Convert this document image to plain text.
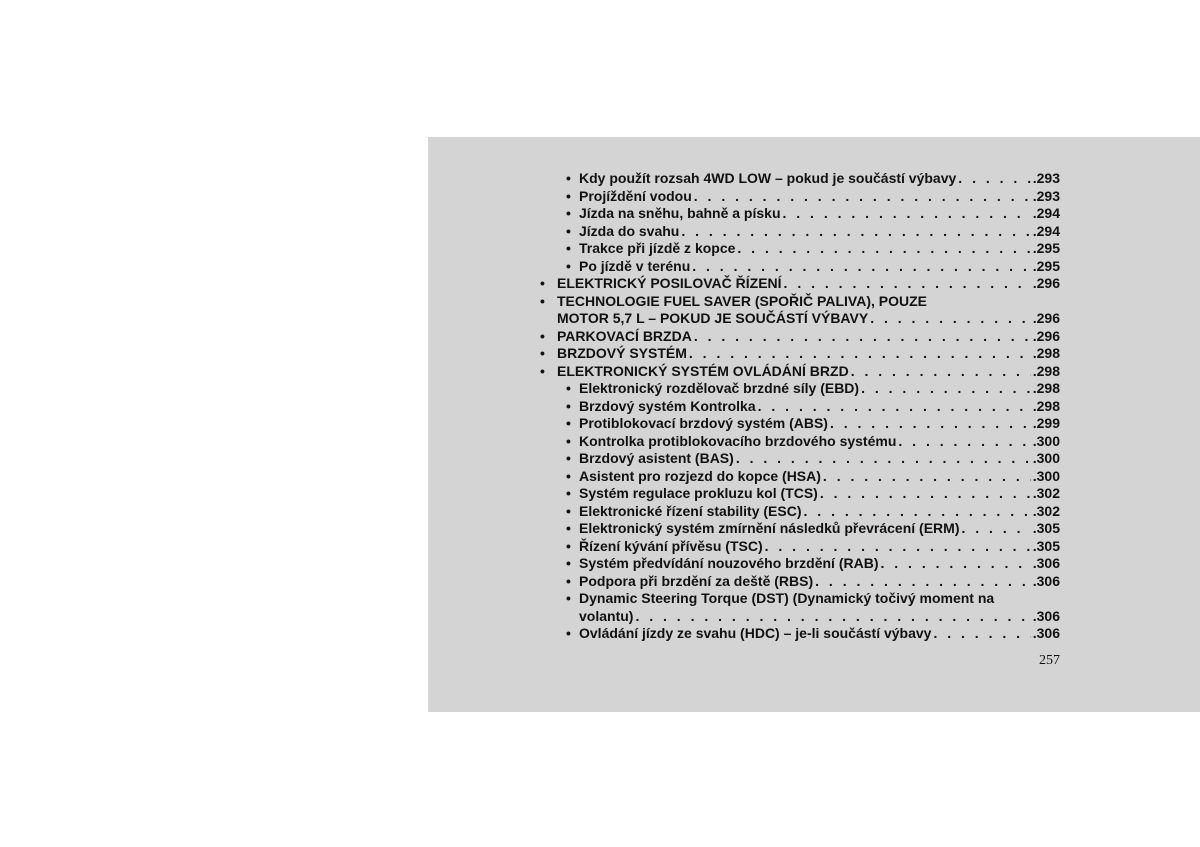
• Kdy použít rozsah 4WD LOW – pokud je součástí výbavy . . .	.293
• Projíždění vodou . . .	.293
• Jízda na sněhu, bahně a písku . . .	.294
• Jízda do svahu . . .	.294
• Trakce při jízdě z kopce . . .	.295
• Po jízdě v terénu . . .	.295
• ELEKTRICKÝ POSILOVAČ ŘÍZENÍ . . .	.296
• TECHNOLOGIE FUEL SAVER (SPOŘIČ PALIVA), POUZE
MOTOR 5,7 L – POKUD JE SOUČÁSTÍ VÝBAVY . . .	.296
• PARKOVACÍ BRZDA . . .	.296
• BRZDOVÝ SYSTÉM . . .	.298
• ELEKTRONICKÝ SYSTÉM OVLÁDÁNÍ BRZD . . .	.298
• Elektronický rozdělovač brzdné síly (EBD) . . .	.298
• Brzdový systém Kontrolka . . .	.298
• Protiblokovací brzdový systém (ABS) . . .	.299
• Kontrolka protiblokovacího brzdového systému . . .	.300
• Brzdový asistent (BAS) . . .	.300
• Asistent pro rozjezd do kopce (HSA) . . .	.300
• Systém regulace prokluzu kol (TCS) . . .	.302
• Elektronické řízení stability (ESC) . . .	.302
• Elektronický systém zmírnění následků převrácení (ERM) . . .	.305
• Řízení kývání přívěsu (TSC) . . .	.305
• Systém předvídání nouzového brzdění (RAB) . . .	.306
• Podpora při brzdění za deště (RBS) . . .	.306
• Dynamic Steering Torque (DST) (Dynamický točivý moment na
volantu) . . .	.306
• Ovládání jízdy ze svahu (HDC) – je-li součástí výbavy . . .	.306
257
